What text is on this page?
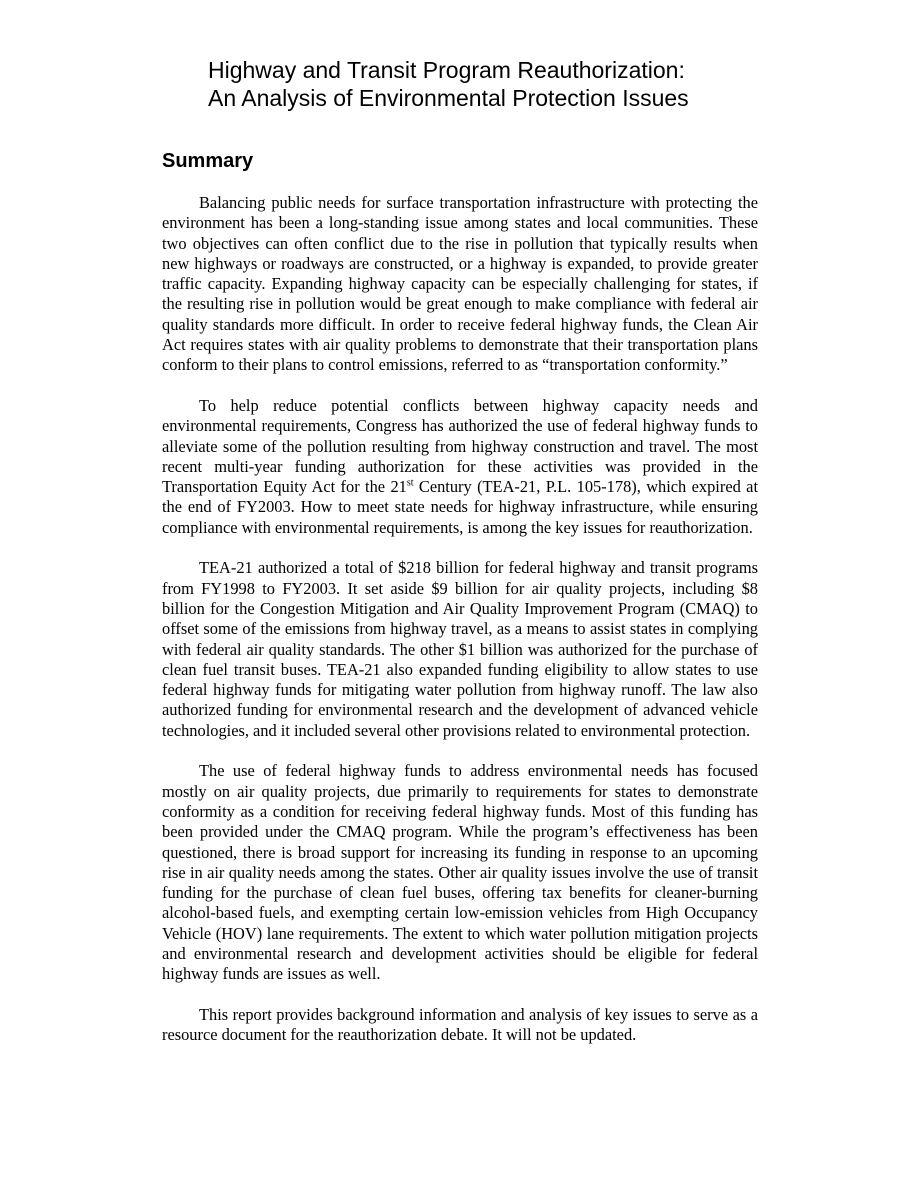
Highway and Transit Program Reauthorization:
An Analysis of Environmental Protection Issues
Summary

Balancing public needs for surface transportation infrastructure with protecting the environment has been a long-standing issue among states and local communities. These two objectives can often conflict due to the rise in pollution that typically results when new highways or roadways are constructed, or a highway is expanded, to provide greater traffic capacity. Expanding highway capacity can be especially challenging for states, if the resulting rise in pollution would be great enough to make compliance with federal air quality standards more difficult. In order to receive federal highway funds, the Clean Air Act requires states with air quality problems to demonstrate that their transportation plans conform to their plans to control emissions, referred to as “transportation conformity.”

To help reduce potential conflicts between highway capacity needs and environmental requirements, Congress has authorized the use of federal highway funds to alleviate some of the pollution resulting from highway construction and travel. The most recent multi-year funding authorization for these activities was provided in the Transportation Equity Act for the 21st Century (TEA-21, P.L. 105-178), which expired at the end of FY2003. How to meet state needs for highway infrastructure, while ensuring compliance with environmental requirements, is among the key issues for reauthorization.

TEA-21 authorized a total of $218 billion for federal highway and transit programs from FY1998 to FY2003. It set aside $9 billion for air quality projects, including $8 billion for the Congestion Mitigation and Air Quality Improvement Program (CMAQ) to offset some of the emissions from highway travel, as a means to assist states in complying with federal air quality standards. The other $1 billion was authorized for the purchase of clean fuel transit buses. TEA-21 also expanded funding eligibility to allow states to use federal highway funds for mitigating water pollution from highway runoff. The law also authorized funding for environmental research and the development of advanced vehicle technologies, and it included several other provisions related to environmental protection.

The use of federal highway funds to address environmental needs has focused mostly on air quality projects, due primarily to requirements for states to demonstrate conformity as a condition for receiving federal highway funds. Most of this funding has been provided under the CMAQ program. While the program’s effectiveness has been questioned, there is broad support for increasing its funding in response to an upcoming rise in air quality needs among the states. Other air quality issues involve the use of transit funding for the purchase of clean fuel buses, offering tax benefits for cleaner-burning alcohol-based fuels, and exempting certain low-emission vehicles from High Occupancy Vehicle (HOV) lane requirements. The extent to which water pollution mitigation projects and environmental research and development activities should be eligible for federal highway funds are issues as well.

This report provides background information and analysis of key issues to serve as a resource document for the reauthorization debate. It will not be updated.
